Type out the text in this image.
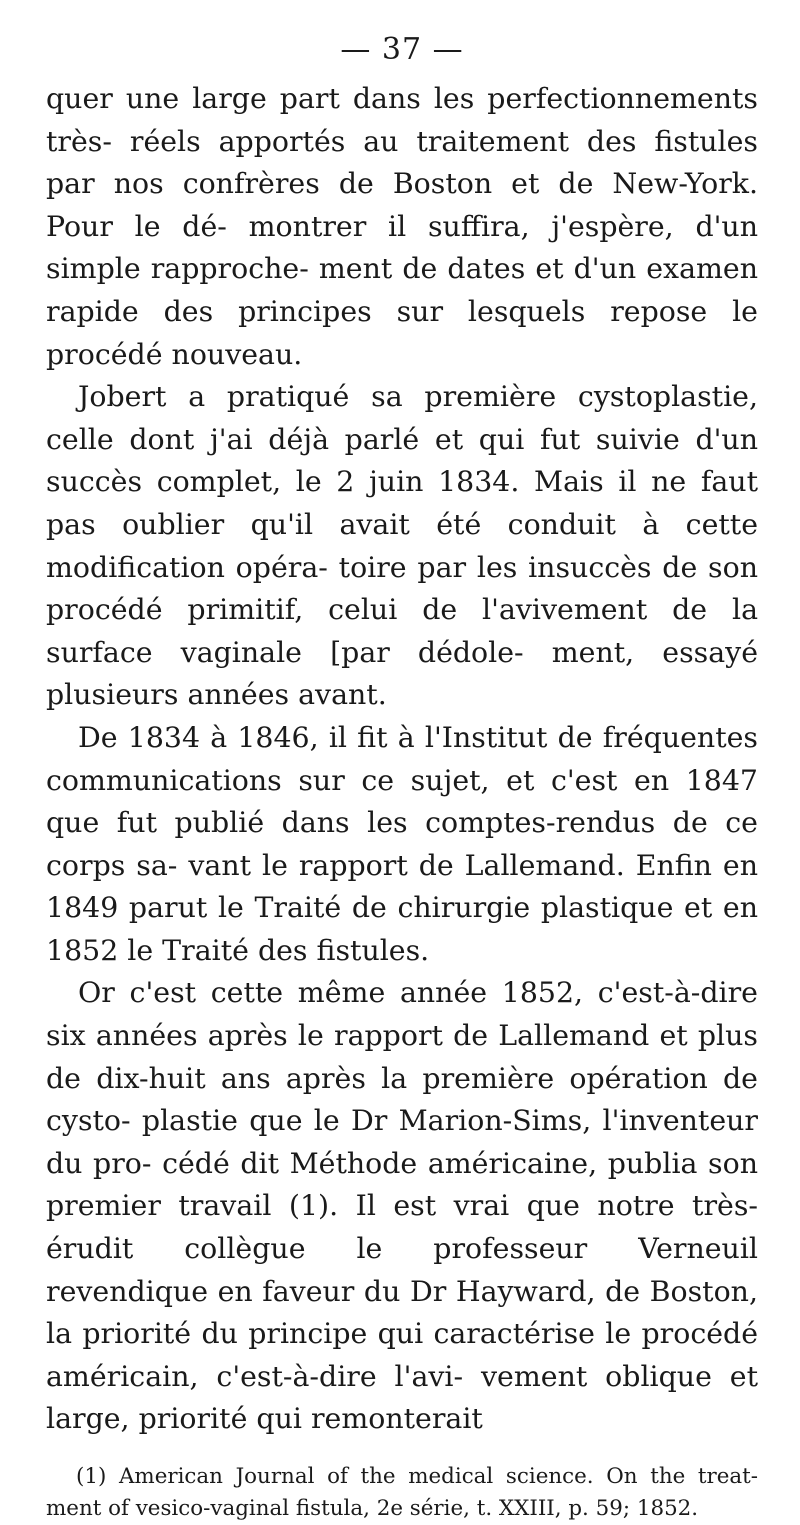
— 37 —

quer une large part dans les perfectionnements très- réels apportés au traitement des fistules par nos confrères de Boston et de New-York. Pour le dé- montrer il suffira, j'espère, d'un simple rapproche- ment de dates et d'un examen rapide des principes sur lesquels repose le procédé nouveau.

Jobert a pratiqué sa première cystoplastie, celle dont j'ai déjà parlé et qui fut suivie d'un succès complet, le 2 juin 1834. Mais il ne faut pas oublier qu'il avait été conduit à cette modification opéra- toire par les insuccès de son procédé primitif, celui de l'avivement de la surface vaginale [par dédole- ment, essayé plusieurs années avant.

De 1834 à 1846, il fit à l'Institut de fréquentes communications sur ce sujet, et c'est en 1847 que fut publié dans les comptes-rendus de ce corps sa- vant le rapport de Lallemand. Enfin en 1849 parut le Traité de chirurgie plastique et en 1852 le Traité des fistules.

Or c'est cette même année 1852, c'est-à-dire six années après le rapport de Lallemand et plus de dix-huit ans après la première opération de cysto- plastie que le Dr Marion-Sims, l'inventeur du pro- cédé dit Méthode américaine, publia son premier travail (1). Il est vrai que notre très-érudit collègue le professeur Verneuil revendique en faveur du Dr Hayward, de Boston, la priorité du principe qui caractérise le procédé américain, c'est-à-dire l'avi- vement oblique et large, priorité qui remonterait

(1) American Journal of the medical science. On the treat- ment of vesico-vaginal fistula, 2e série, t. XXIII, p. 59; 1852.
